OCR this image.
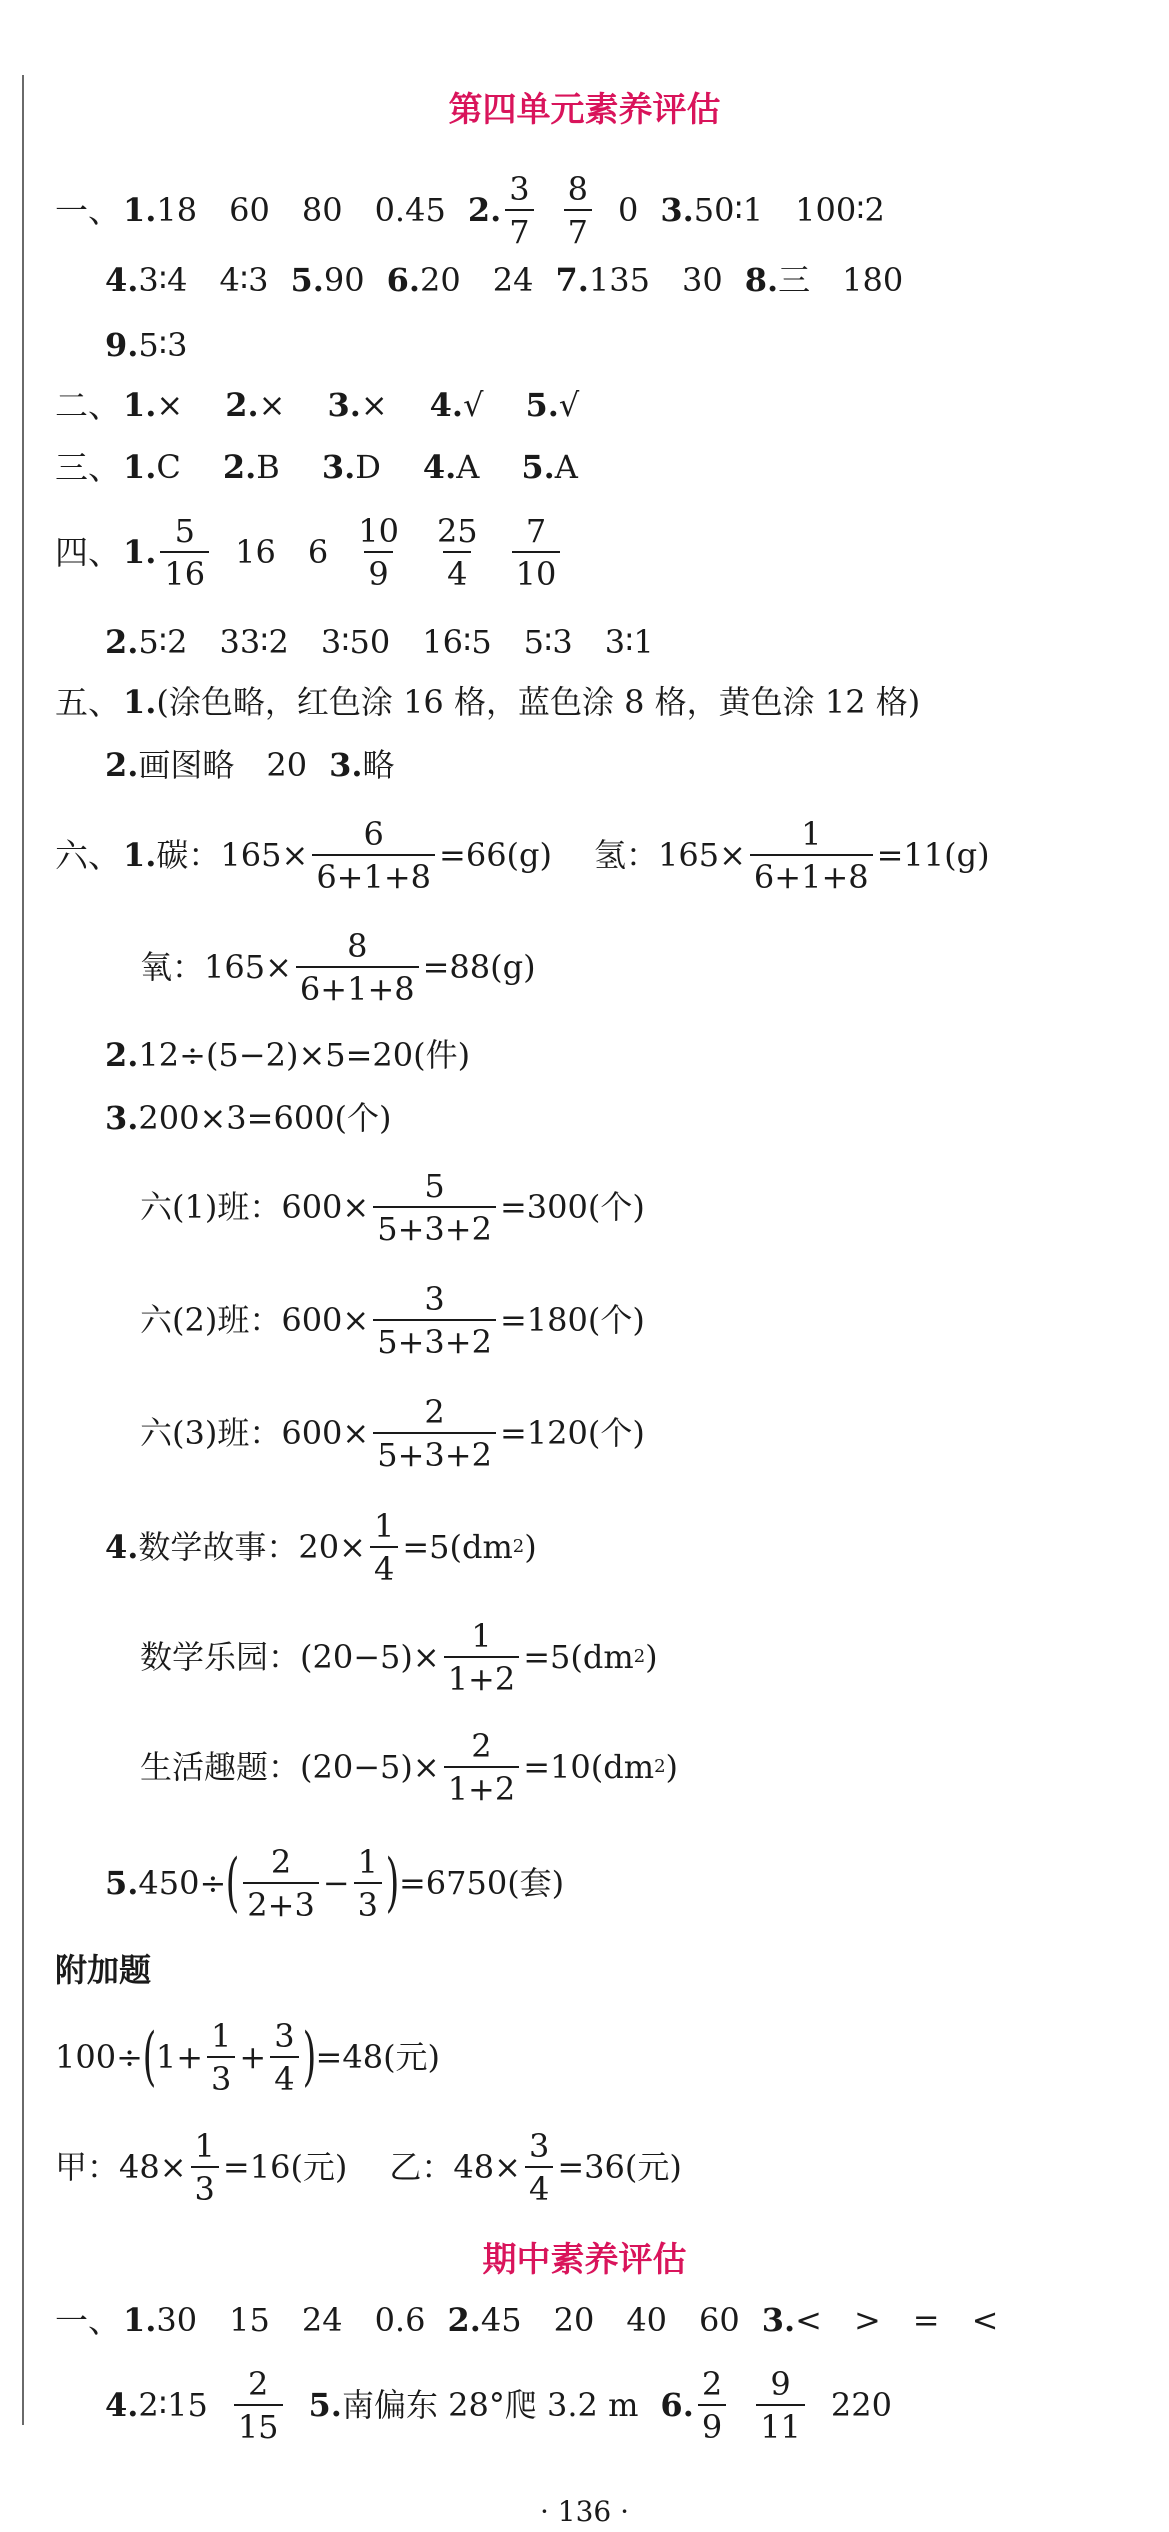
第四单元素养评估
一、 1. 18　60　80　0.45 2. $\frac{3}{7} \frac{8}{7} 0$ 3. 50∶1　100∶2
4. 3∶4　4∶3 5. 90 6. 20　24 7. 135　30 8. 三　180
9. 5∶3
二、 1. × 2. × 3. × 4. √ 5. √
三、 1. C 2. B 3. D 4. A 5. A
四、 1. $\frac{5}{16} 16$　$6 \frac{10}{9} \frac{25}{4} \frac{7}{10}$
2. 5∶2　33∶2　3∶50　16∶5　5∶3　3∶1
五、 1. (涂色略，红色涂 16 格，蓝色涂 8 格，黄色涂 12 格)
2. 画图略　20 3. 略
六、 1. 碳：$165\times \frac{6}{6+1+8} =66(g)$ 氢：$165\times \frac{1}{6+1+8} =11(g)$
氧：$165\times \frac{8}{6+1+8} =88(g)$
2. 12÷(5−2)×5=20(件)
3. 200×3=600(个)
六(1)班：$600\times \frac{5}{5+3+2} =300$(个)
六(2)班：$600\times \frac{3}{5+3+2} =180$(个)
六(3)班：$600\times \frac{2}{5+3+2} =120$(个)
4. 数学故事：$20\times \frac{1}{4} =5(dm$ 2 )
数学乐园：$(20-5)\times \frac{1}{1+2} =5(dm$ 2 )
生活趣题：$(20-5)\times \frac{2}{1+2} =10(dm$ 2 )
5. 450÷ ( $\frac{2}{2+3} - \frac{1}{3}$ ) =6750(套)
附加题
100÷ ( $1+ \frac{1}{3} + \frac{3}{4}$ ) =48(元)
甲：$48\times \frac{1}{3} =16$(元) 乙：$48\times \frac{3}{4} =36$(元)
期中素养评估
一、 1. 30　15　24　0.6 2. 45　20　40　60 3. <　>　=　<
4. 2∶15 $\frac{2}{15} 5$. 南偏东 28°爬 3.2 m 6. $\frac{2}{9} \frac{9}{11} 220$
· 136 ·
